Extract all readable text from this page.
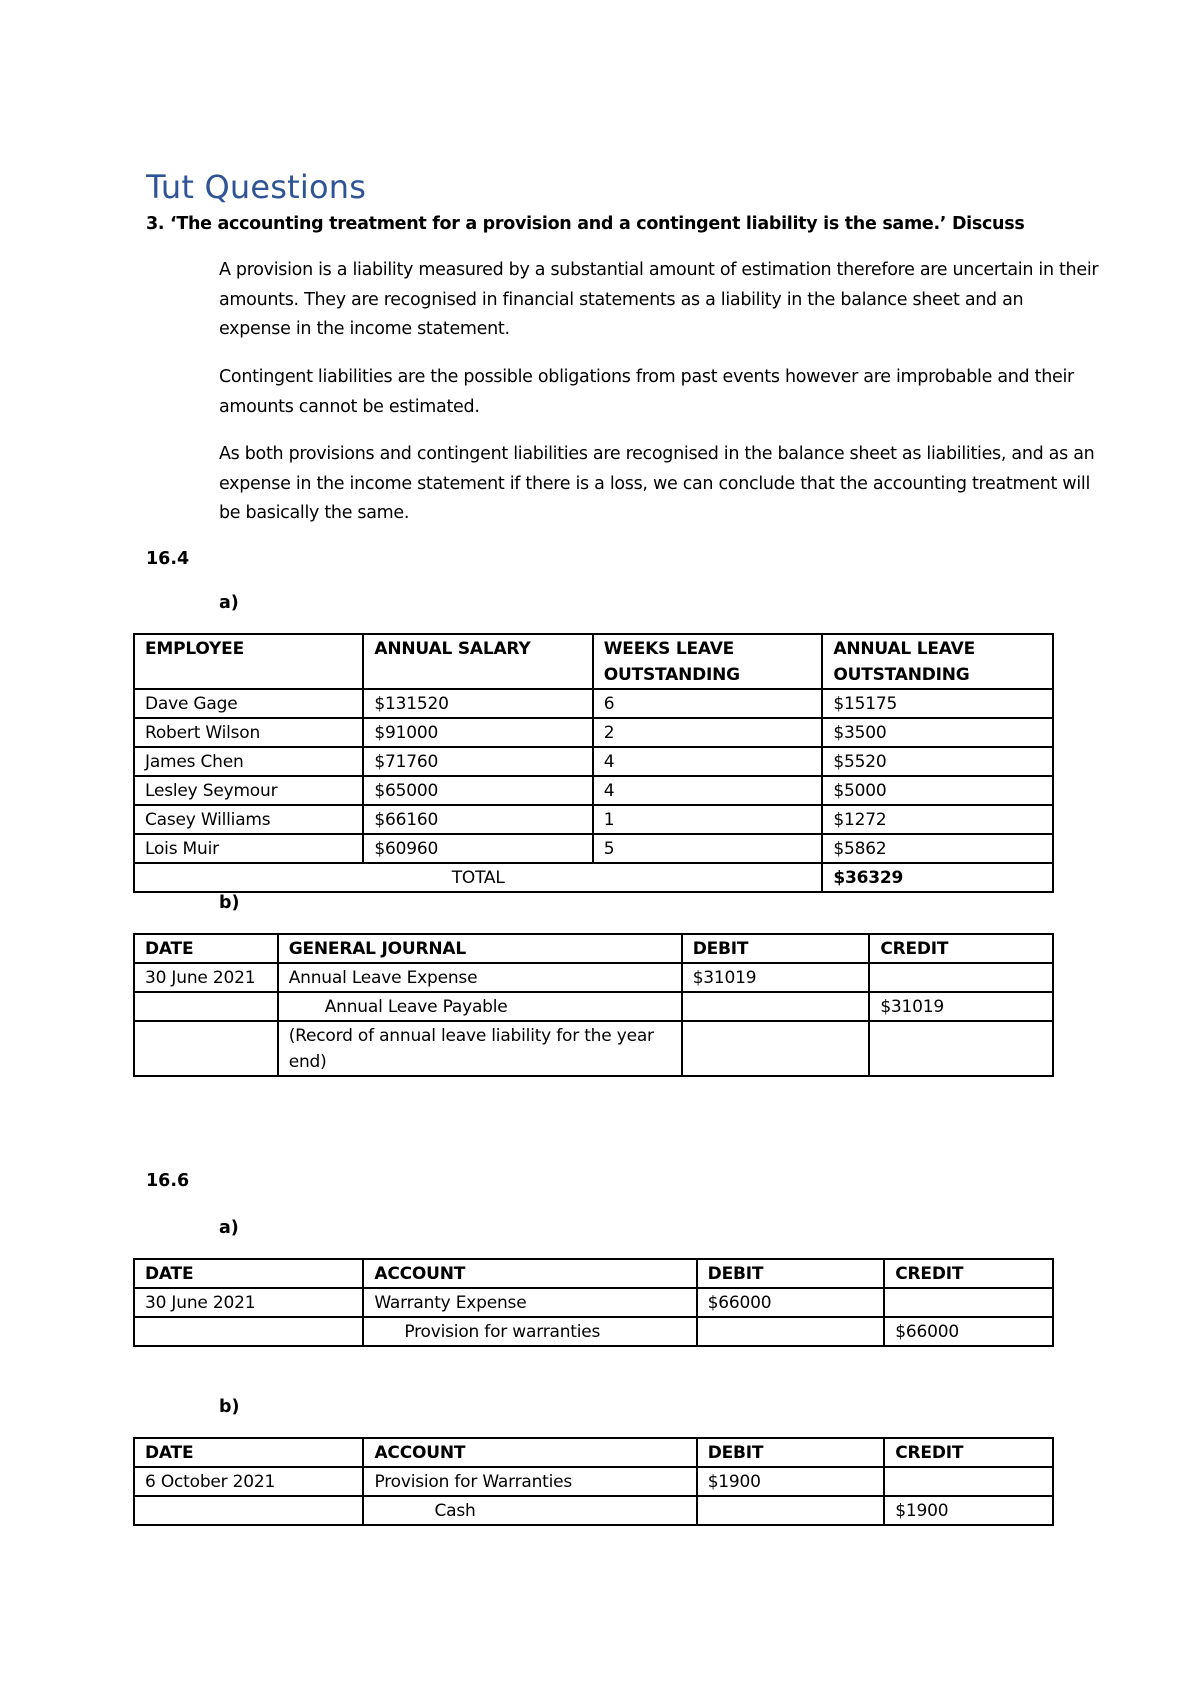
Tut Questions
3. ‘The accounting treatment for a provision and a contingent liability is the same.’ Discuss
A provision is a liability measured by a substantial amount of estimation therefore are uncertain in their amounts. They are recognised in financial statements as a liability in the balance sheet and an expense in the income statement.
Contingent liabilities are the possible obligations from past events however are improbable and their amounts cannot be estimated.
As both provisions and contingent liabilities are recognised in the balance sheet as liabilities, and as an expense in the income statement if there is a loss, we can conclude that the accounting treatment will be basically the same.
16.4
a)
EMPLOYEE	ANNUAL SALARY	WEEKS LEAVE OUTSTANDING	ANNUAL LEAVE OUTSTANDING
Dave Gage	$131520	6	$15175
Robert Wilson	$91000	2	$3500
James Chen	$71760	4	$5520
Lesley Seymour	$65000	4	$5000
Casey Williams	$66160	1	$1272
Lois Muir	$60960	5	$5862
TOTAL			$36329
b)
DATE	GENERAL JOURNAL	DEBIT	CREDIT
30 June 2021	Annual Leave Expense	$31019	
	Annual Leave Payable		$31019
	(Record of annual leave liability for the year end)		
16.6
a)
DATE	ACCOUNT	DEBIT	CREDIT
30 June 2021	Warranty Expense	$66000	
	Provision for warranties		$66000
b)
DATE	ACCOUNT	DEBIT	CREDIT
6 October 2021	Provision for Warranties	$1900	
	Cash		$1900
